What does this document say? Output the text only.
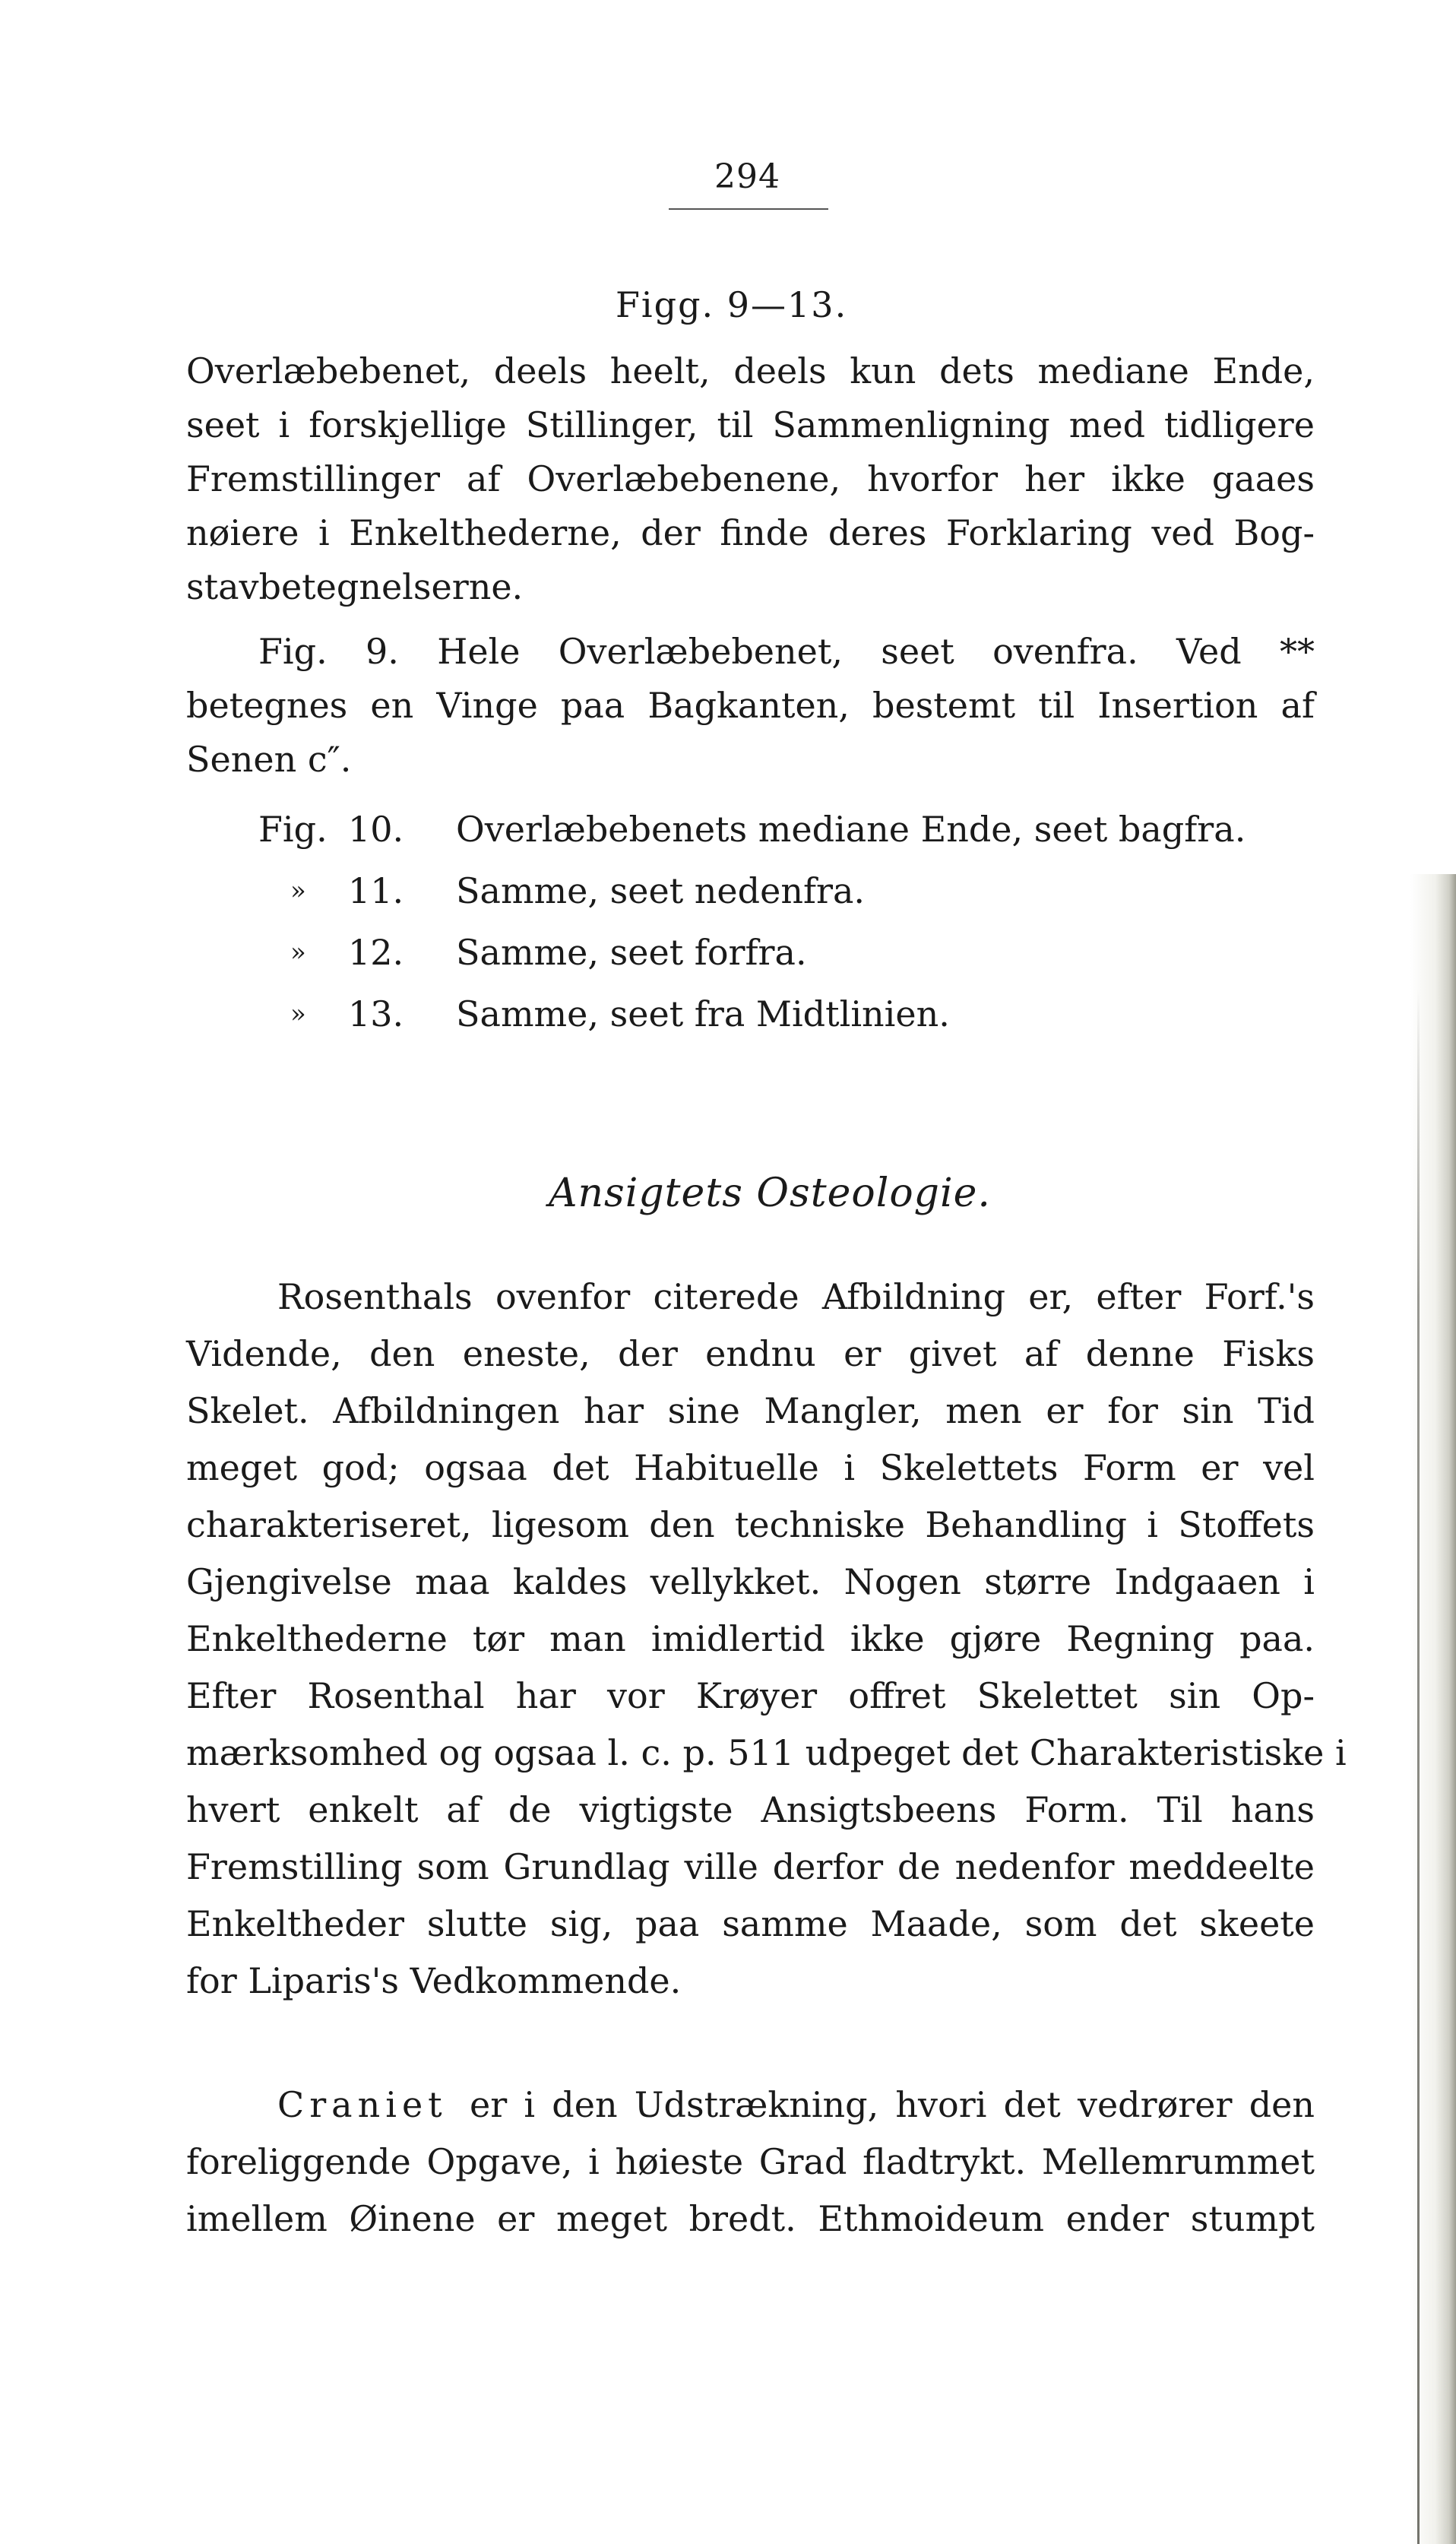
294
Figg. 9—13.
Overlæbebenet, deels heelt, deels kun dets mediane Ende,
seet i forskjellige Stillinger, til Sammenligning med tidligere
Fremstillinger af Overlæbebenene, hvorfor her ikke gaaes
nøiere i Enkelthederne, der finde deres Forklaring ved Bog-
stavbetegnelserne.
Fig. 9. Hele Overlæbebenet, seet ovenfra. Ved **
betegnes en Vinge paa Bagkanten, bestemt til Insertion af
Senen c″.
Fig. 10. Overlæbebenets mediane Ende, seet bagfra.
» 11. Samme, seet nedenfra.
» 12. Samme, seet forfra.
» 13. Samme, seet fra Midtlinien.
Ansigtets Osteologie.
Rosenthals ovenfor citerede Afbildning er, efter Forf.'s
Vidende, den eneste, der endnu er givet af denne Fisks
Skelet. Afbildningen har sine Mangler, men er for sin Tid
meget god; ogsaa det Habituelle i Skelettets Form er vel
charakteriseret, ligesom den techniske Behandling i Stoffets
Gjengivelse maa kaldes vellykket. Nogen større Indgaaen i
Enkelthederne tør man imidlertid ikke gjøre Regning paa.
Efter Rosenthal har vor Krøyer offret Skelettet sin Op-
mærksomhed og ogsaa l. c. p. 511 udpeget det Charakteristiske i
hvert enkelt af de vigtigste Ansigtsbeens Form. Til hans
Fremstilling som Grundlag ville derfor de nedenfor meddeelte
Enkeltheder slutte sig, paa samme Maade, som det skeete
for Liparis's Vedkommende.
Craniet er i den Udstrækning, hvori det vedrører den
foreliggende Opgave, i høieste Grad fladtrykt. Mellemrummet
imellem Øinene er meget bredt. Ethmoideum ender stumpt
